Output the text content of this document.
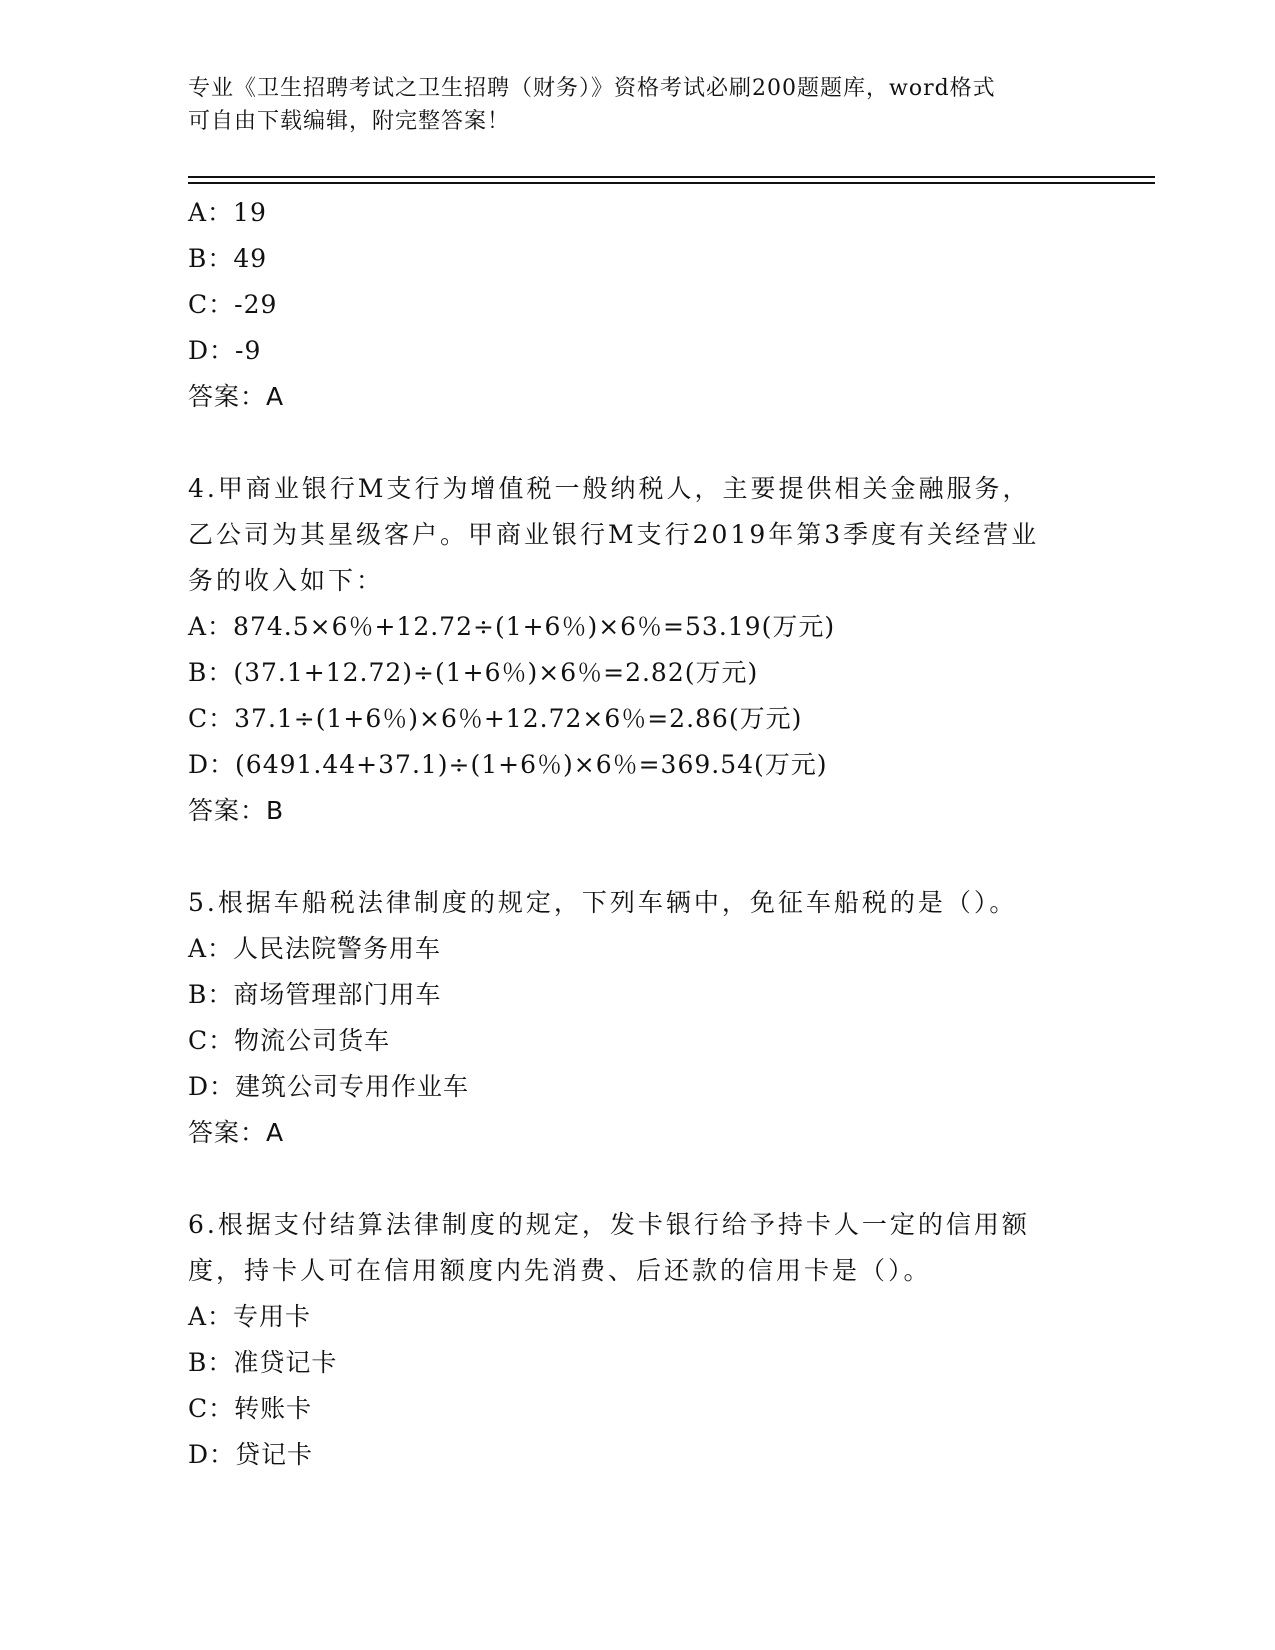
专业《卫生招聘考试之卫生招聘（财务）》资格考试必刷200题题库，word格式
可自由下载编辑，附完整答案！
A：19
B：49
C：-29
D：-9
答案：A
4.甲商业银行M支行为增值税一般纳税人，主要提供相关金融服务，
乙公司为其星级客户。甲商业银行M支行2019年第3季度有关经营业
务的收入如下：
A：874.5×6％+12.72÷(1+6％)×6％=53.19(万元)
B：(37.1+12.72)÷(1+6％)×6％=2.82(万元)
C：37.1÷(1+6％)×6％+12.72×6％=2.86(万元)
D：(6491.44+37.1)÷(1+6％)×6％=369.54(万元)
答案：B
5.根据车船税法律制度的规定，下列车辆中，免征车船税的是（）。
A：人民法院警务用车
B：商场管理部门用车
C：物流公司货车
D：建筑公司专用作业车
答案：A
6.根据支付结算法律制度的规定，发卡银行给予持卡人一定的信用额
度，持卡人可在信用额度内先消费、后还款的信用卡是（）。
A：专用卡
B：准贷记卡
C：转账卡
D：贷记卡
